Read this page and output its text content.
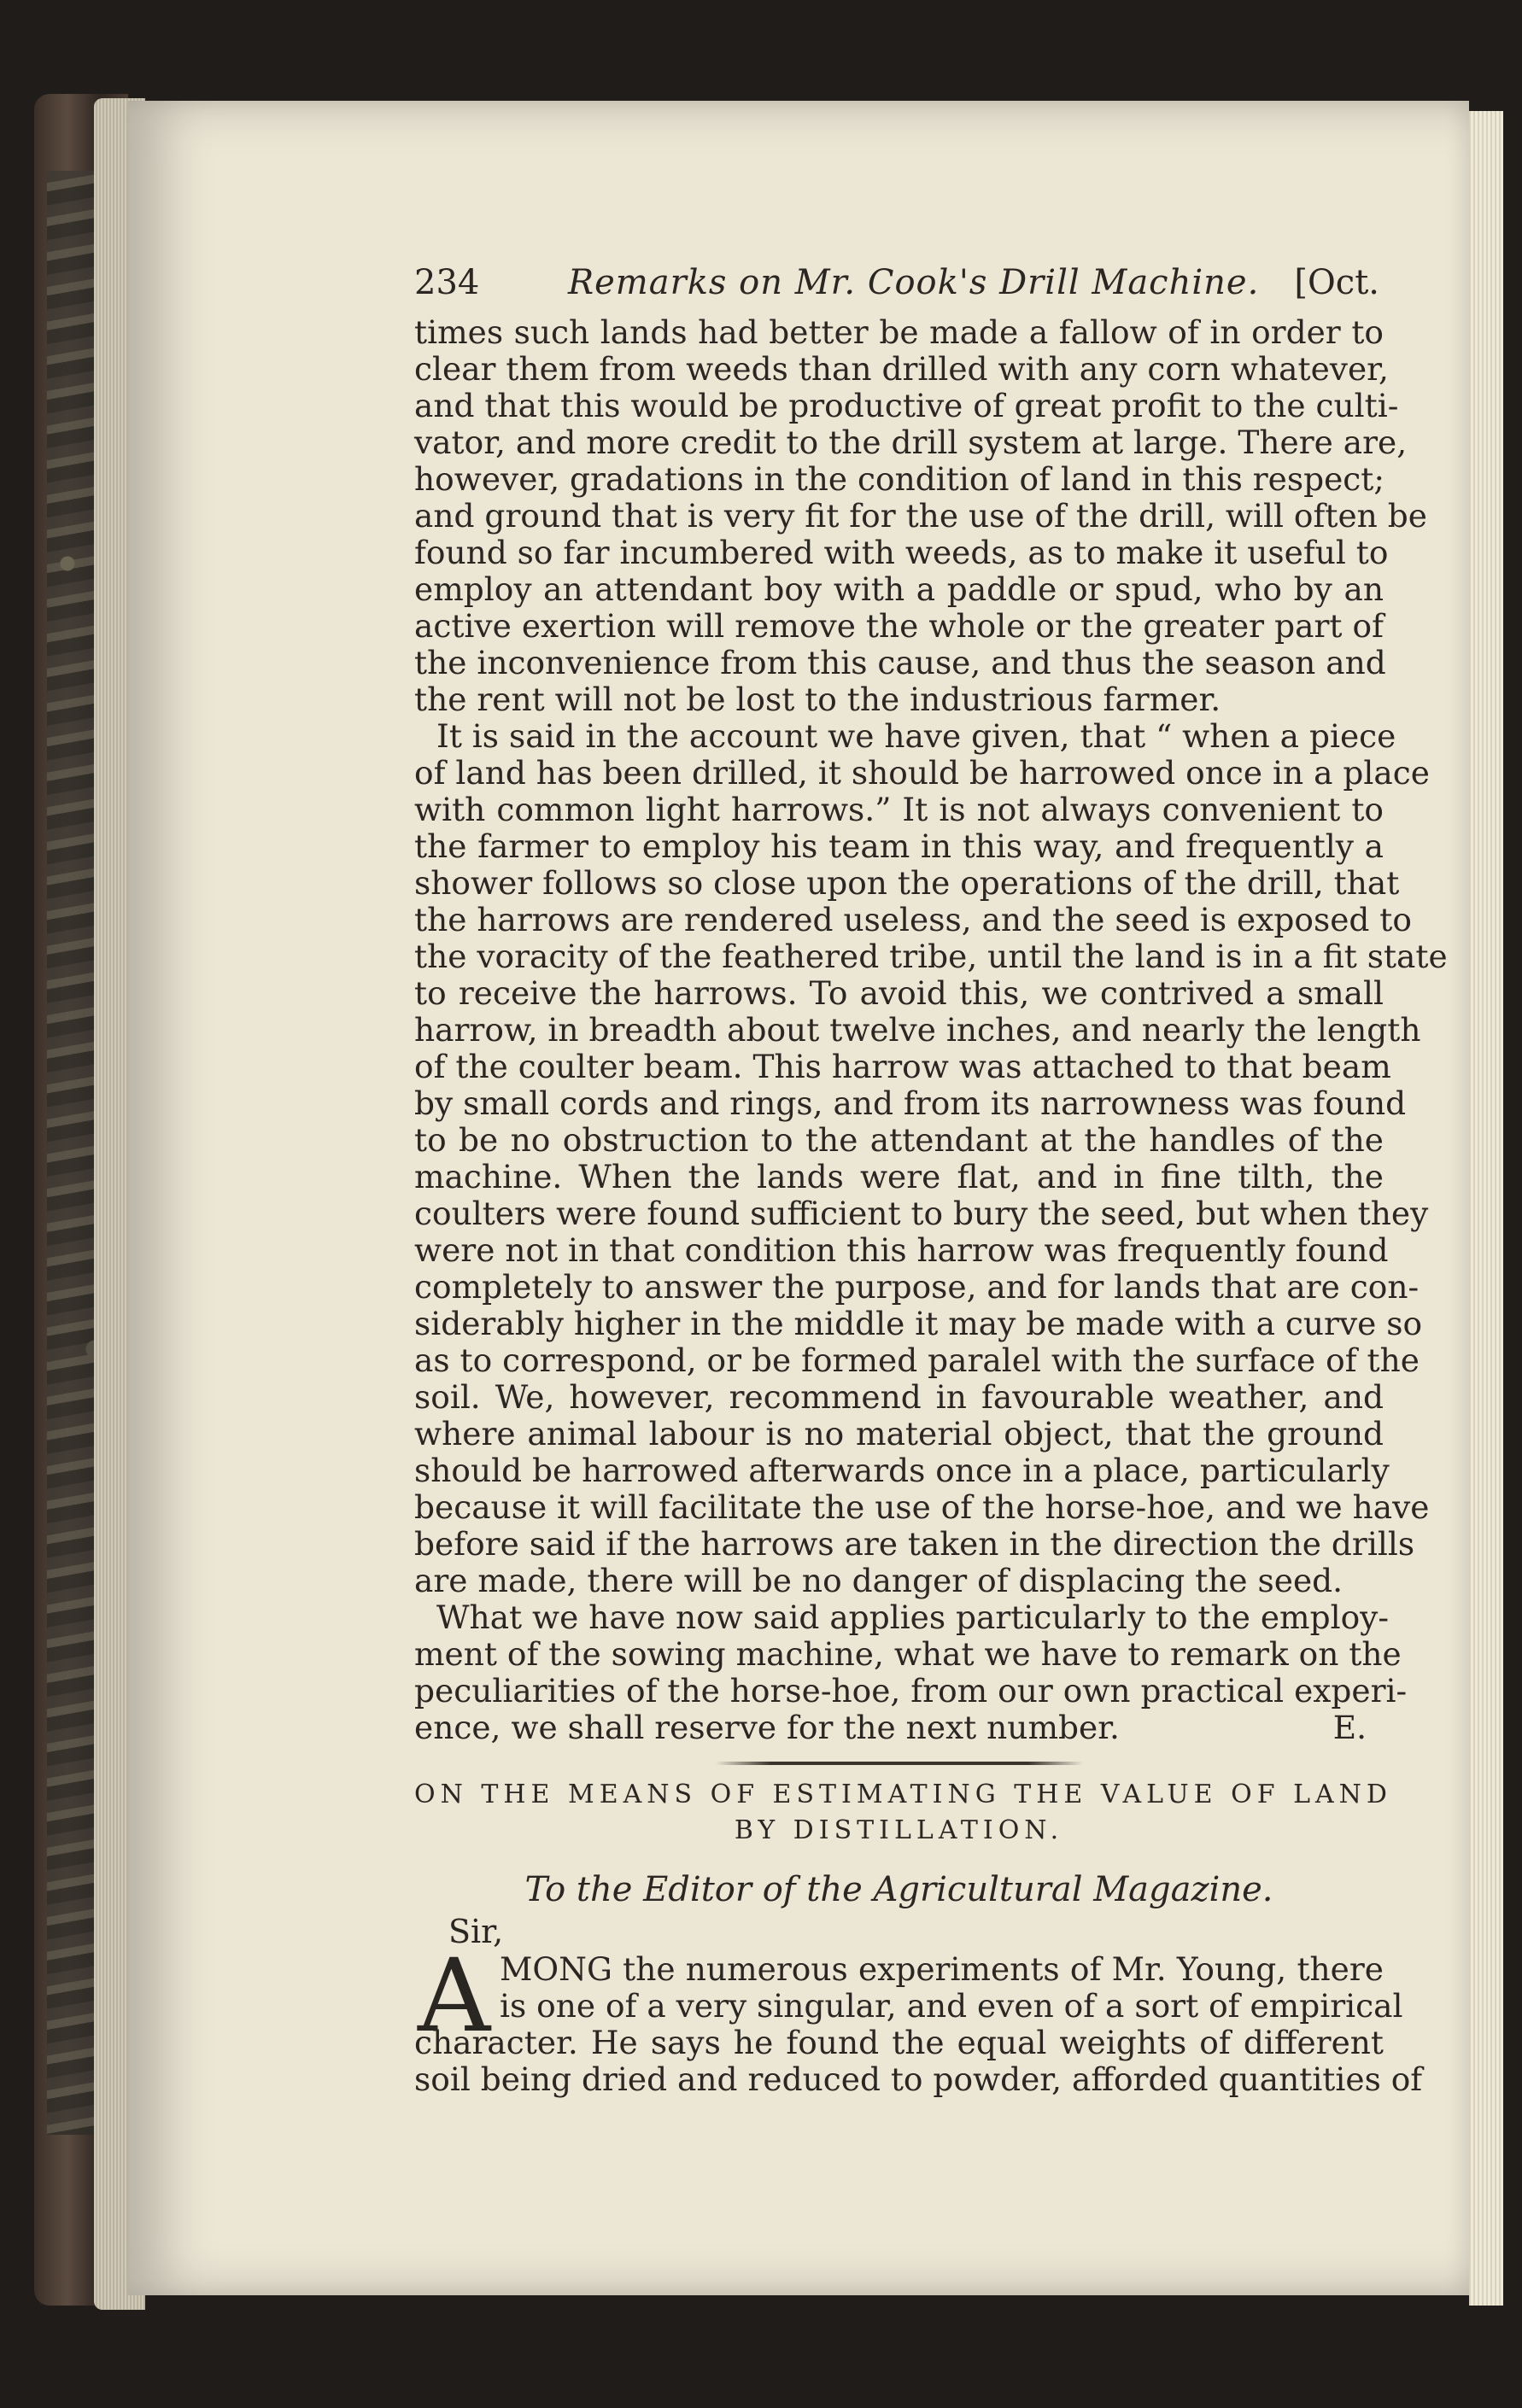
234	Remarks on Mr. Cook's Drill Machine. [Oct.

times such lands had better be made a fallow of in order to

clear them from weeds than drilled with any corn whatever,

and that this would be productive of great profit to the culti-

vator, and more credit to the drill system at large. There are,

however, gradations in the condition of land in this respect;

and ground that is very fit for the use of the drill, will often be

found so far incumbered with weeds, as to make it useful to

employ an attendant boy with a paddle or spud, who by an

active exertion will remove the whole or the greater part of

the inconvenience from this cause, and thus the season and

the rent will not be lost to the industrious farmer.

It is said in the account we have given, that “ when a piece

of land has been drilled, it should be harrowed once in a place

with common light harrows.” It is not always convenient to

the farmer to employ his team in this way, and frequently a

shower follows so close upon the operations of the drill, that

the harrows are rendered useless, and the seed is exposed to

the voracity of the feathered tribe, until the land is in a fit state

to receive the harrows. To avoid this, we contrived a small

harrow, in breadth about twelve inches, and nearly the length

of the coulter beam. This harrow was attached to that beam

by small cords and rings, and from its narrowness was found

to be no obstruction to the attendant at the handles of the

machine. When the lands were flat, and in fine tilth, the

coulters were found sufficient to bury the seed, but when they

were not in that condition this harrow was frequently found

completely to answer the purpose, and for lands that are con-

siderably higher in the middle it may be made with a curve so

as to correspond, or be formed paralel with the surface of the

soil. We, however, recommend in favourable weather, and

where animal labour is no material object, that the ground

should be harrowed afterwards once in a place, particularly

because it will facilitate the use of the horse-hoe, and we have

before said if the harrows are taken in the direction the drills

are made, there will be no danger of displacing the seed.

What we have now said applies particularly to the employ-

ment of the sowing machine, what we have to remark on the

peculiarities of the horse-hoe, from our own practical experi-

ence, we shall reserve for the next number.	E.
ON THE MEANS OF ESTIMATING THE VALUE OF LAND
BY DISTILLATION.
To the Editor of the Agricultural Magazine.
Sir,
A MONG the numerous experiments of Mr. Young, there

is one of a very singular, and even of a sort of empirical

character. He says he found the equal weights of different

soil being dried and reduced to powder, afforded quantities of
